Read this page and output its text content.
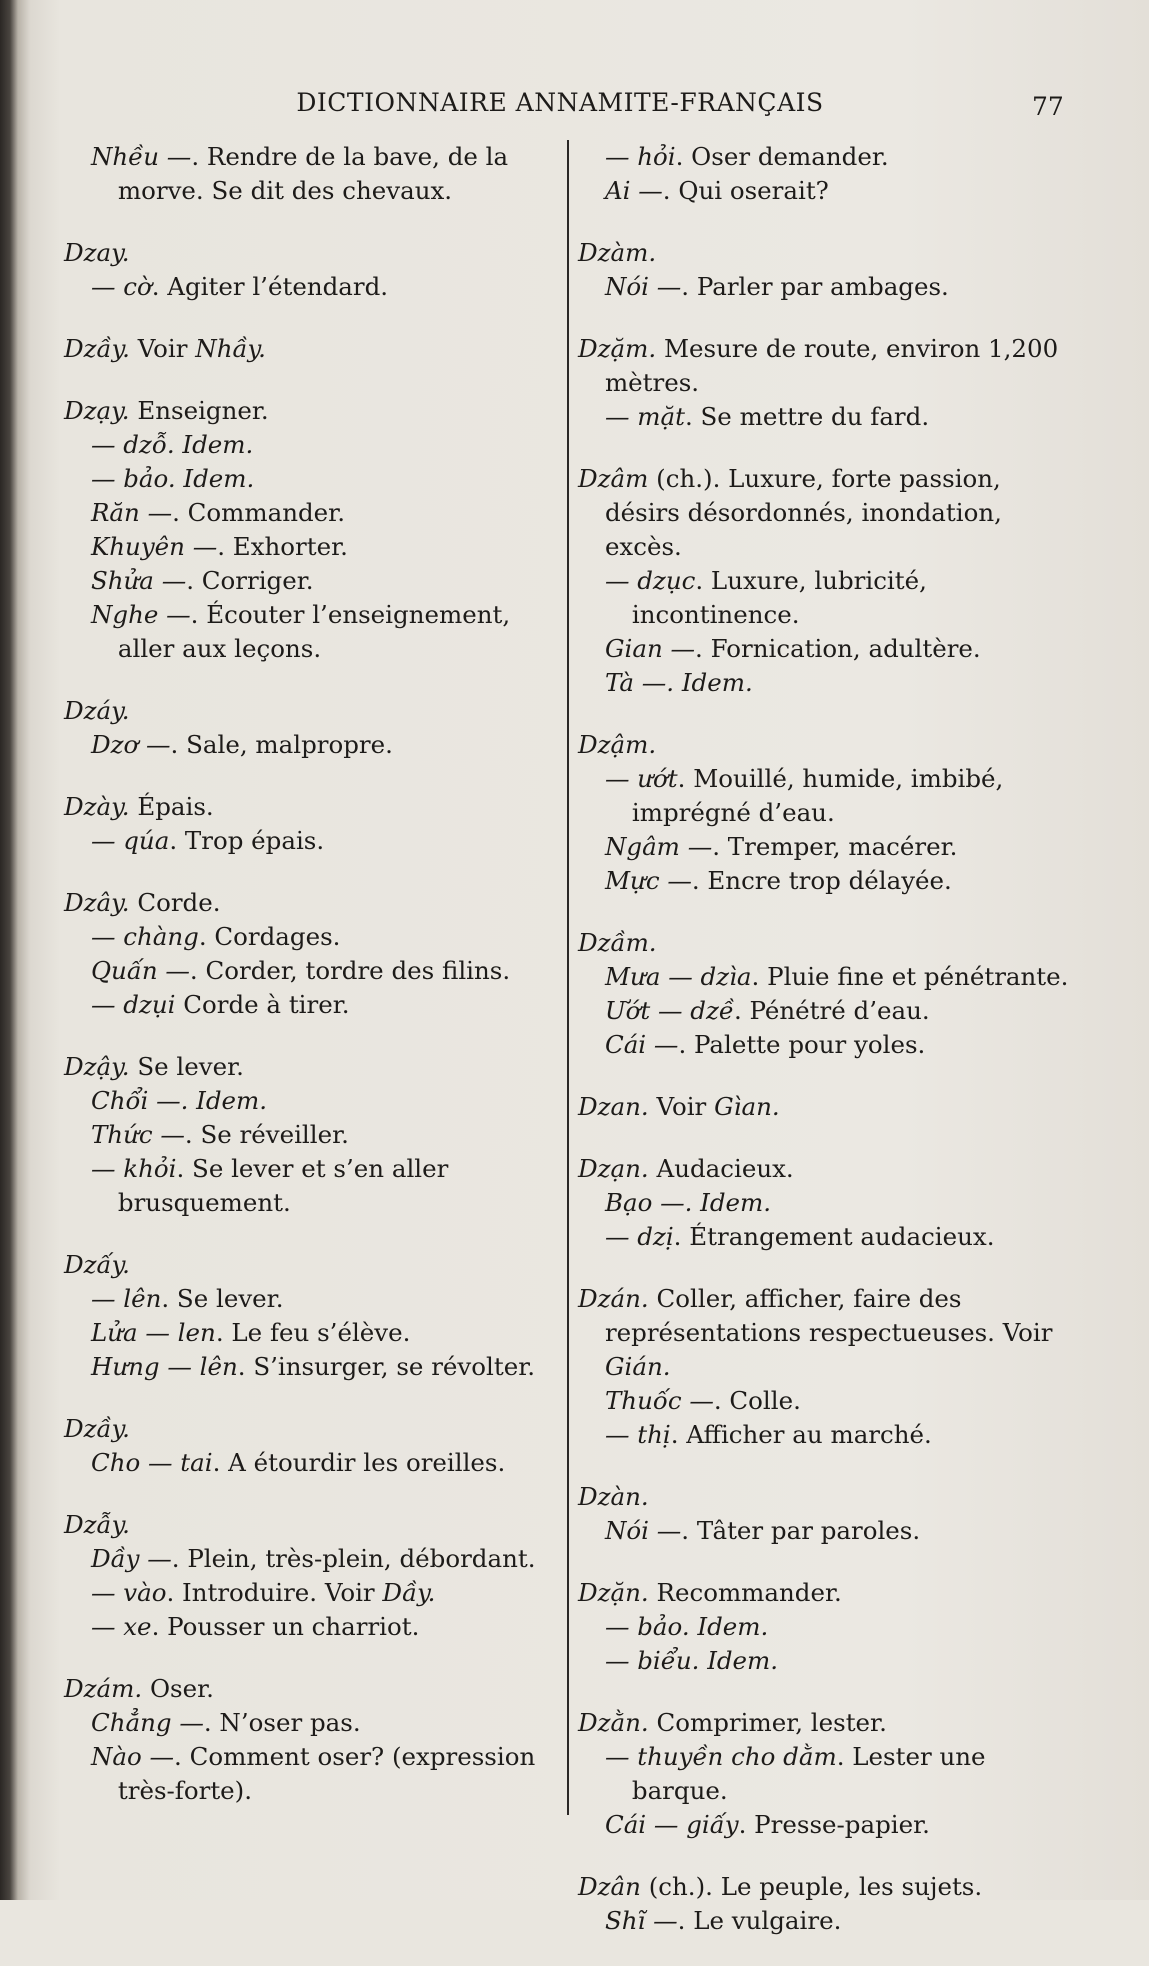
DICTIONNAIRE ANNAMITE-FRANÇAIS	77
Nhều —. Rendre de la bave, de la morve. Se dit des chevaux.
Dzay.
— cờ. Agiter l’étendard.
Dzầy. Voir Nhầy.
Dzạy. Enseigner.
— dzỗ. Idem.
— bảo. Idem.
Răn —. Commander.
Khuyên —. Exhorter.
Shửa —. Corriger.
Nghe —. Écouter l’enseignement, aller aux leçons.
Dzáy.
Dzơ —. Sale, malpropre.
Dzày. Épais.
— qúa. Trop épais.
Dzây. Corde.
— chàng. Cordages.
Quấn —. Corder, tordre des filins.
— dzụi Corde à tirer.
Dzậy. Se lever.
Chổi —. Idem.
Thức —. Se réveiller.
— khỏi. Se lever et s’en aller brusquement.
Dzấy.
— lên. Se lever.
Lửa — len. Le feu s’élève.
Hưng — lên. S’insurger, se révolter.
Dzầy.
Cho — tai. A étourdir les oreilles.
Dzẫy.
Dầy —. Plein, très-plein, débordant.
— vào. Introduire. Voir Dầy.
— xe. Pousser un charriot.
Dzám. Oser.
Chẳng —. N’oser pas.
Nào —. Comment oser? (expression très-forte).
— hỏi. Oser demander.
Ai —. Qui oserait?
Dzàm.
Nói —. Parler par ambages.
Dzặm. Mesure de route, environ 1,200 mètres.
— mặt. Se mettre du fard.
Dzâm (ch.). Luxure, forte passion, désirs désordonnés, inondation, excès.
— dzục. Luxure, lubricité, incontinence.
Gian —. Fornication, adultère.
Tà —. Idem.
Dzậm.
— ướt. Mouillé, humide, imbibé, imprégné d’eau.
Ngâm —. Tremper, macérer.
Mực —. Encre trop délayée.
Dzầm.
Mưa — dzìa. Pluie fine et pénétrante.
Ướt — dzề. Pénétré d’eau.
Cái —. Palette pour yoles.
Dzan. Voir Gìan.
Dzạn. Audacieux.
Bạo —. Idem.
— dzị. Étrangement audacieux.
Dzán. Coller, afficher, faire des représentations respectueuses. Voir Gián.
Thuốc —. Colle.
— thị. Afficher au marché.
Dzàn.
Nói —. Tâter par paroles.
Dzặn. Recommander.
— bảo. Idem.
— biểu. Idem.
Dzằn. Comprimer, lester.
— thuyền cho dằm. Lester une barque.
Cái — giấy. Presse-papier.
Dzân (ch.). Le peuple, les sujets.
Shĩ —. Le vulgaire.
